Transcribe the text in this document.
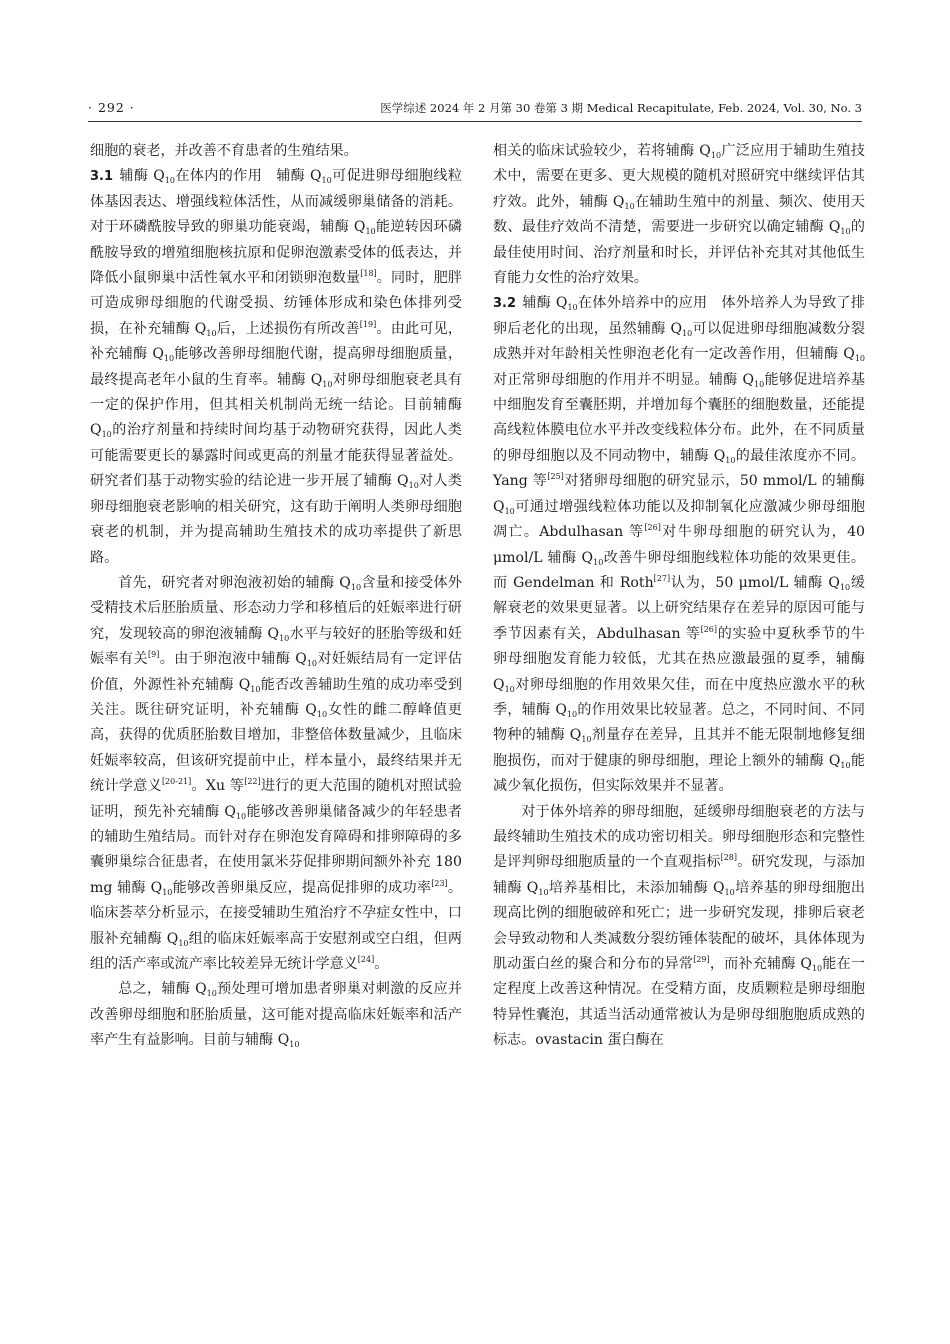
· 292 ·	医学综述 2024 年 2 月第 30 卷第 3 期 Medical Recapitulate, Feb. 2024, Vol. 30, No. 3

细胞的衰老，并改善不育患者的生殖结果。

3.1 辅酶 $Q_{10}$在体内的作用 辅酶 $Q_{10}$可促进卵母细胞线粒体基因表达、增强线粒体活性，从而减缓卵巢储备的消耗。对于环磷酰胺导致的卵巢功能衰竭，辅酶 $Q_{10}$能逆转因环磷酰胺导致的增殖细胞核抗原和促卵泡激素受体的低表达，并降低小鼠卵巢中活性氧水平和闭锁卵泡数量[18]。同时，肥胖可造成卵母细胞的代谢受损、纺锤体形成和染色体排列受损，在补充辅酶 $Q_{10}$后，上述损伤有所改善[19]。由此可见，补充辅酶 $Q_{10}$能够改善卵母细胞代谢，提高卵母细胞质量，最终提高老年小鼠的生育率。辅酶 $Q_{10}$对卵母细胞衰老具有一定的保护作用，但其相关机制尚无统一结论。目前辅酶 $Q_{10}$的治疗剂量和持续时间均基于动物研究获得，因此人类可能需要更长的暴露时间或更高的剂量才能获得显著益处。研究者们基于动物实验的结论进一步开展了辅酶 $Q_{10}$对人类卵母细胞衰老影响的相关研究，这有助于阐明人类卵母细胞衰老的机制，并为提高辅助生殖技术的成功率提供了新思路。

首先，研究者对卵泡液初始的辅酶 $Q_{10}$含量和接受体外受精技术后胚胎质量、形态动力学和移植后的妊娠率进行研究，发现较高的卵泡液辅酶 $Q_{10}$水平与较好的胚胎等级和妊娠率有关[9]。由于卵泡液中辅酶 $Q_{10}$对妊娠结局有一定评估价值，外源性补充辅酶 $Q_{10}$能否改善辅助生殖的成功率受到关注。既往研究证明，补充辅酶 $Q_{10}$女性的雌二醇峰值更高，获得的优质胚胎数目增加，非整倍体数量减少，且临床妊娠率较高，但该研究提前中止，样本量小，最终结果并无统计学意义[20-21]。Xu 等[22]进行的更大范围的随机对照试验证明，预先补充辅酶 $Q_{10}$能够改善卵巢储备减少的年轻患者的辅助生殖结局。而针对存在卵泡发育障碍和排卵障碍的多囊卵巢综合征患者，在使用氯米芬促排卵期间额外补充 180 mg 辅酶 $Q_{10}$能够改善卵巢反应，提高促排卵的成功率[23]。临床荟萃分析显示，在接受辅助生殖治疗不孕症女性中，口服补充辅酶 $Q_{10}$组的临床妊娠率高于安慰剂或空白组，但两组的活产率或流产率比较差异无统计学意义[24]。

总之，辅酶 $Q_{10}$预处理可增加患者卵巢对刺激的反应并改善卵母细胞和胚胎质量，这可能对提高临床妊娠率和活产率产生有益影响。目前与辅酶 $Q_{10}$

相关的临床试验较少，若将辅酶 $Q_{10}$广泛应用于辅助生殖技术中，需要在更多、更大规模的随机对照研究中继续评估其疗效。此外，辅酶 $Q_{10}$在辅助生殖中的剂量、频次、使用天数、最佳疗效尚不清楚，需要进一步研究以确定辅酶 $Q_{10}$的最佳使用时间、治疗剂量和时长，并评估补充其对其他低生育能力女性的治疗效果。

3.2 辅酶 $Q_{10}$在体外培养中的应用 体外培养人为导致了排卵后老化的出现，虽然辅酶 $Q_{10}$可以促进卵母细胞减数分裂成熟并对年龄相关性卵泡老化有一定改善作用，但辅酶 $Q_{10}$对正常卵母细胞的作用并不明显。辅酶 $Q_{10}$能够促进培养基中细胞发育至囊胚期，并增加每个囊胚的细胞数量，还能提高线粒体膜电位水平并改变线粒体分布。此外，在不同质量的卵母细胞以及不同动物中，辅酶 $Q_{10}$的最佳浓度亦不同。Yang 等[25]对猪卵母细胞的研究显示，50 mmol/L 的辅酶 $Q_{10}$可通过增强线粒体功能以及抑制氧化应激减少卵母细胞凋亡。Abdulhasan 等[26]对牛卵母细胞的研究认为，40 μmol/L 辅酶 $Q_{10}$改善牛卵母细胞线粒体功能的效果更佳。而 Gendelman 和 Roth[27]认为，50 μmol/L 辅酶 $Q_{10}$缓解衰老的效果更显著。以上研究结果存在差异的原因可能与季节因素有关，Abdulhasan 等[26]的实验中夏秋季节的牛卵母细胞发育能力较低，尤其在热应激最强的夏季，辅酶 $Q_{10}$对卵母细胞的作用效果欠佳，而在中度热应激水平的秋季，辅酶 $Q_{10}$的作用效果比较显著。总之，不同时间、不同物种的辅酶 $Q_{10}$剂量存在差异，且其并不能无限制地修复细胞损伤，而对于健康的卵母细胞，理论上额外的辅酶 $Q_{10}$能减少氧化损伤，但实际效果并不显著。

对于体外培养的卵母细胞，延缓卵母细胞衰老的方法与最终辅助生殖技术的成功密切相关。卵母细胞形态和完整性是评判卵母细胞质量的一个直观指标[28]。研究发现，与添加辅酶 $Q_{10}$培养基相比，未添加辅酶 $Q_{10}$培养基的卵母细胞出现高比例的细胞破碎和死亡；进一步研究发现，排卵后衰老会导致动物和人类减数分裂纺锤体装配的破坏，具体体现为肌动蛋白丝的聚合和分布的异常[29]，而补充辅酶 $Q_{10}$能在一定程度上改善这种情况。在受精方面，皮质颗粒是卵母细胞特异性囊泡，其适当活动通常被认为是卵母细胞胞质成熟的标志。ovastacin 蛋白酶在
